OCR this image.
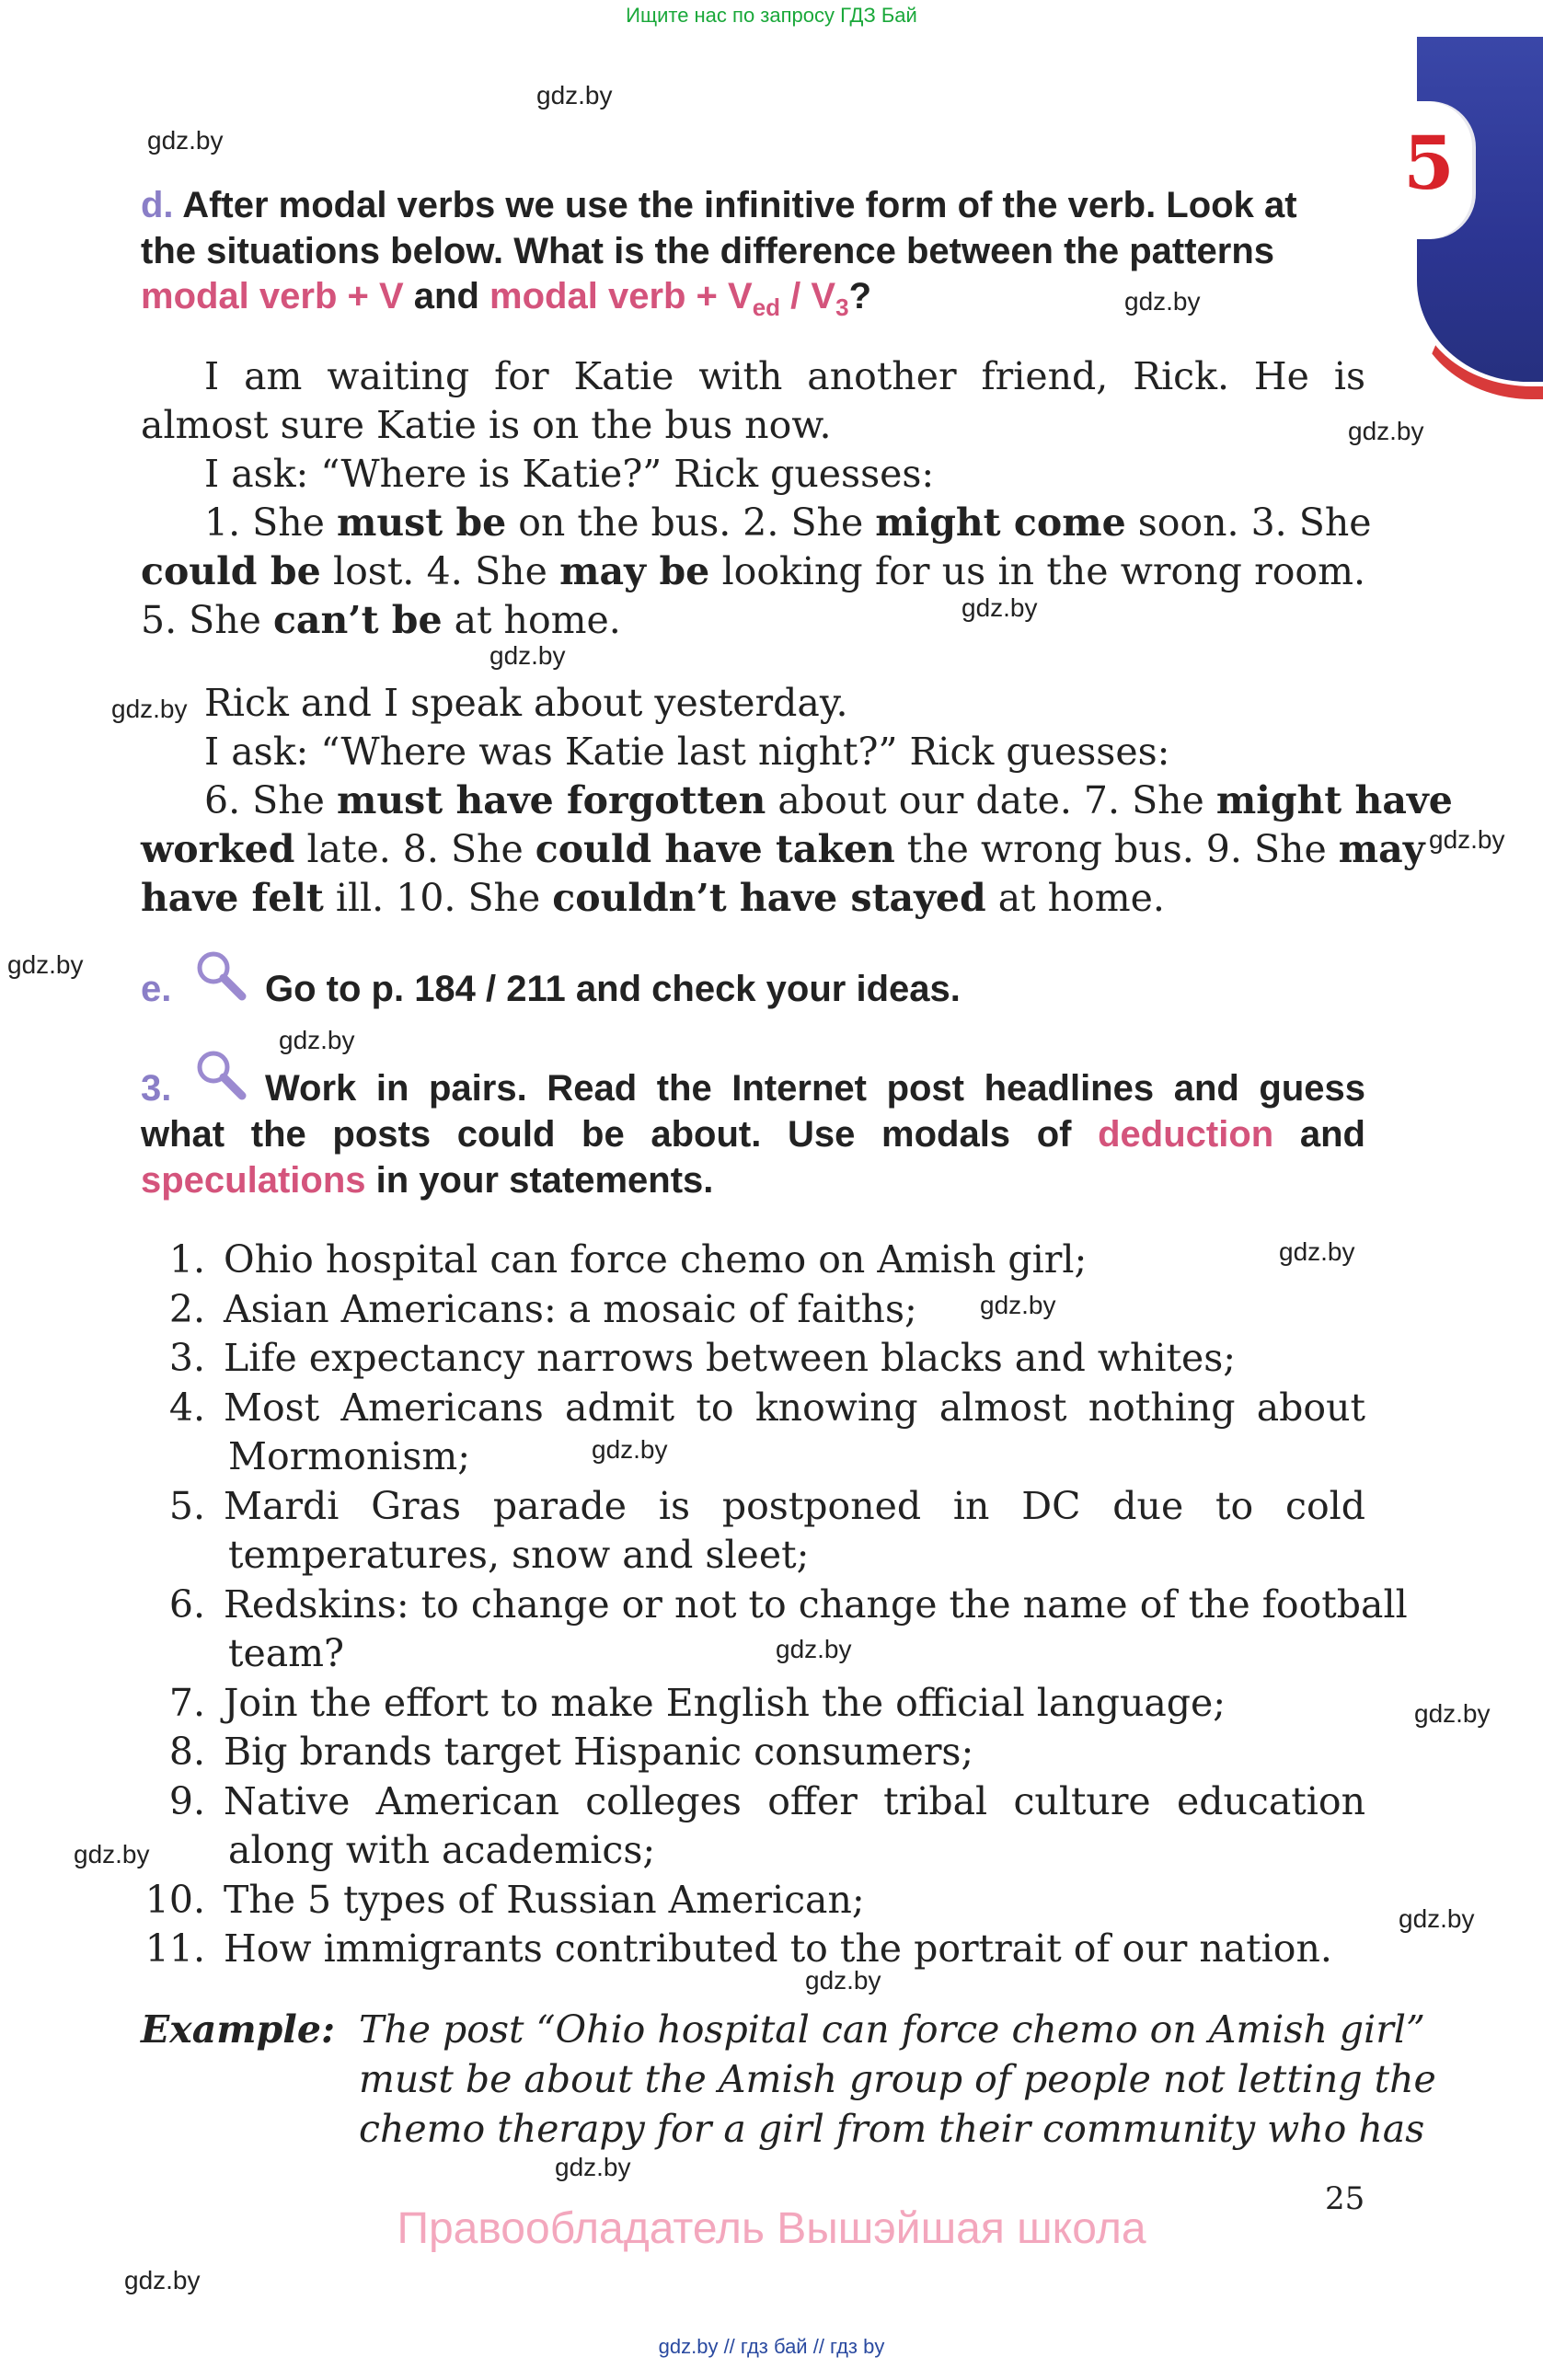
Ищите нас по запросу ГДЗ Бай
gdz.by // гдз бай // гдз by
5
gdz.by
gdz.by
gdz.by
gdz.by
gdz.by
gdz.by
gdz.by
gdz.by
gdz.by
gdz.by
gdz.by
gdz.by
gdz.by
gdz.by
gdz.by
gdz.by
gdz.by
gdz.by
gdz.by
gdz.by
d. After modal verbs we use the infinitive form of the verb. Look at
the situations below. What is the difference between the patterns
modal verb + V and modal verb + $V_{ed} / V_3$?
I am waiting for Katie with another friend, Rick. He is
almost sure Katie is on the bus now.
I ask: “Where is Katie?” Rick guesses:
1. She must be on the bus. 2. She might come soon. 3. She
could be lost. 4. She may be looking for us in the wrong room.
5. She can’t be at home.
Rick and I speak about yesterday.
I ask: “Where was Katie last night?” Rick guesses:
6. She must have forgotten about our date. 7. She might have
worked late. 8. She could have taken the wrong bus. 9. She may
have felt ill. 10. She couldn’t have stayed at home.
e.	Go to p. 184 / 211 and check your ideas.
3.	Work in pairs. Read the Internet post headlines and guess
what the posts could be about. Use modals of deduction and
speculations in your statements.
1. Ohio hospital can force chemo on Amish girl;
2. Asian Americans: a mosaic of faiths;
3. Life expectancy narrows between blacks and whites;
4. Most Americans admit to knowing almost nothing about
Mormonism;
5. Mardi Gras parade is postponed in DC due to cold
temperatures, snow and sleet;
6. Redskins: to change or not to change the name of the football
team?
7. Join the effort to make English the official language;
8. Big brands target Hispanic consumers;
9. Native American colleges offer tribal culture education
along with academics;
10. The 5 types of Russian American;
11. How immigrants contributed to the portrait of our nation.
Example: The post “Ohio hospital can force chemo on Amish girl”
must be about the Amish group of people not letting the
chemo therapy for a girl from their community who has
25
Правообладатель Вышэйшая школа
